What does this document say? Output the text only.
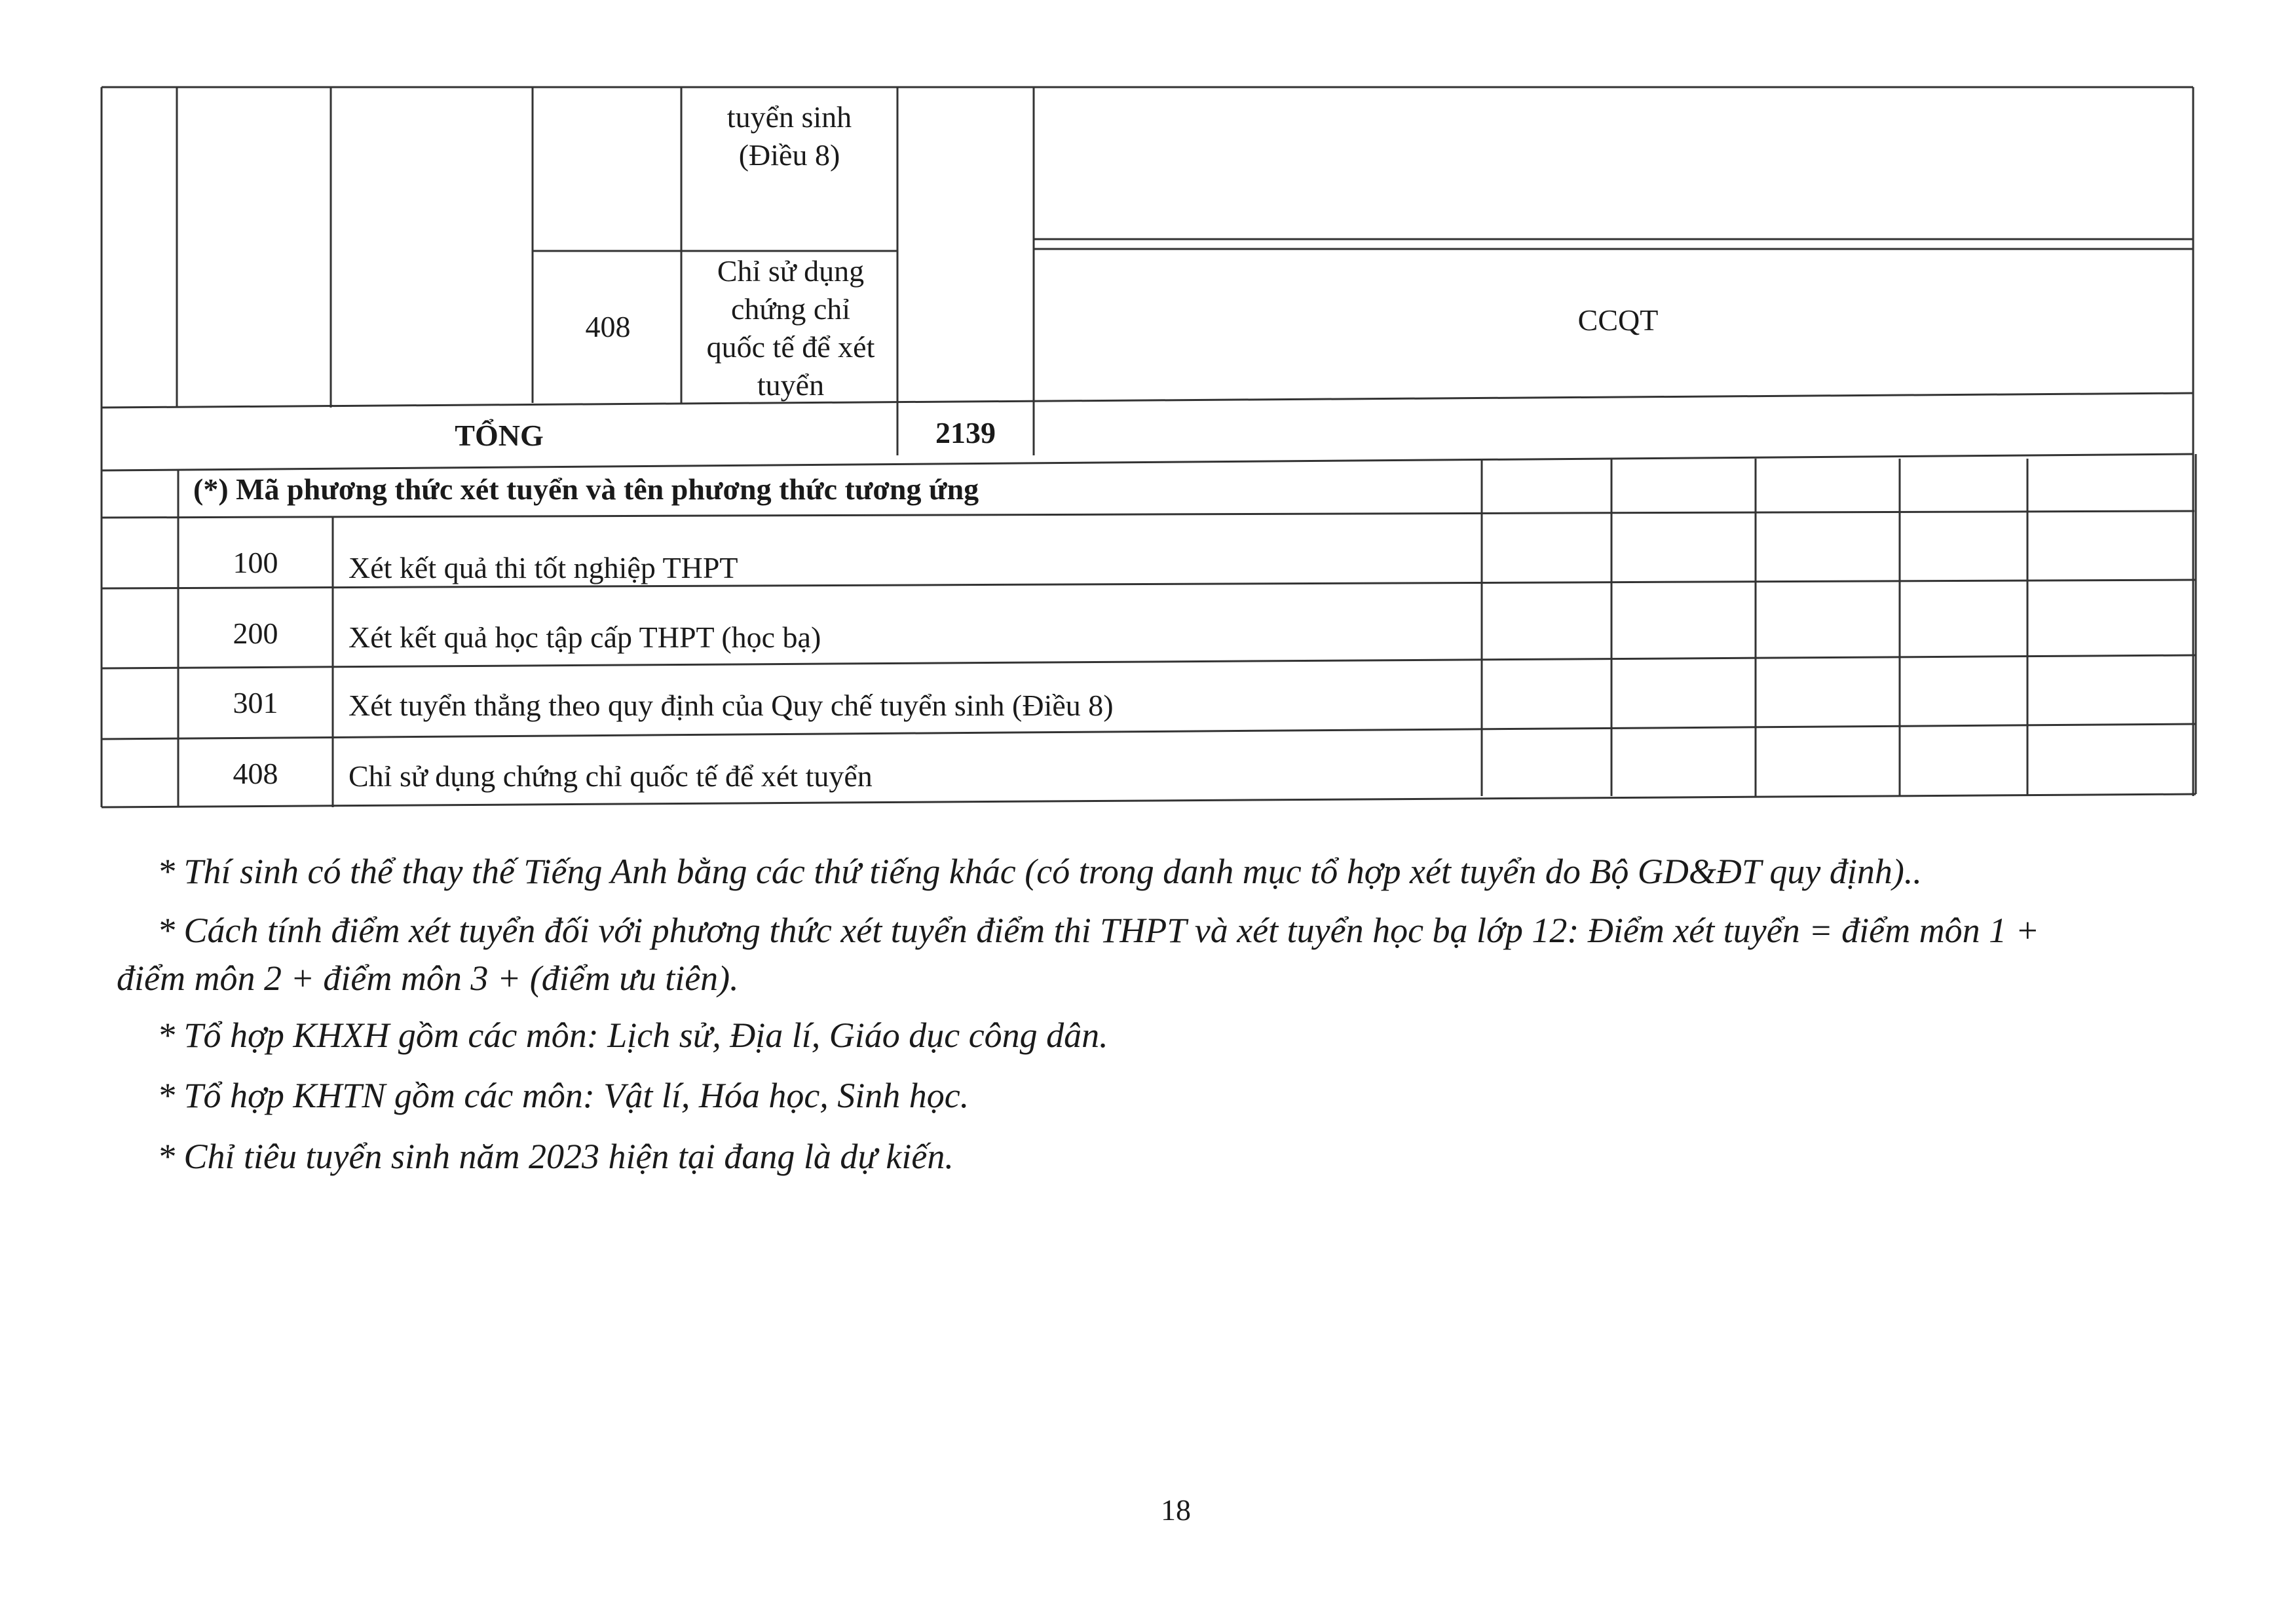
tuyển sinh
(Điều 8)
408
Chỉ sử dụng
chứng chỉ
quốc tế để xét
tuyển
CCQT
TỔNG	2139
(*) Mã phương thức xét tuyển và tên phương thức tương ứng
100 Xét kết quả thi tốt nghiệp THPT
200 Xét kết quả học tập cấp THPT (học bạ)
301 Xét tuyển thẳng theo quy định của Quy chế tuyển sinh (Điều 8)
408 Chỉ sử dụng chứng chỉ quốc tế để xét tuyển
* Thí sinh có thể thay thế Tiếng Anh bằng các thứ tiếng khác (có trong danh mục tổ hợp xét tuyển do Bộ GD&ĐT quy định)..
* Cách tính điểm xét tuyển đối với phương thức xét tuyển điểm thi THPT và xét tuyển học bạ lớp 12: Điểm xét tuyển = điểm môn 1 +
điểm môn 2 + điểm môn 3 + (điểm ưu tiên).
* Tổ hợp KHXH gồm các môn: Lịch sử, Địa lí, Giáo dục công dân.
* Tổ hợp KHTN gồm các môn: Vật lí, Hóa học, Sinh học.
* Chỉ tiêu tuyển sinh năm 2023 hiện tại đang là dự kiến.
18
